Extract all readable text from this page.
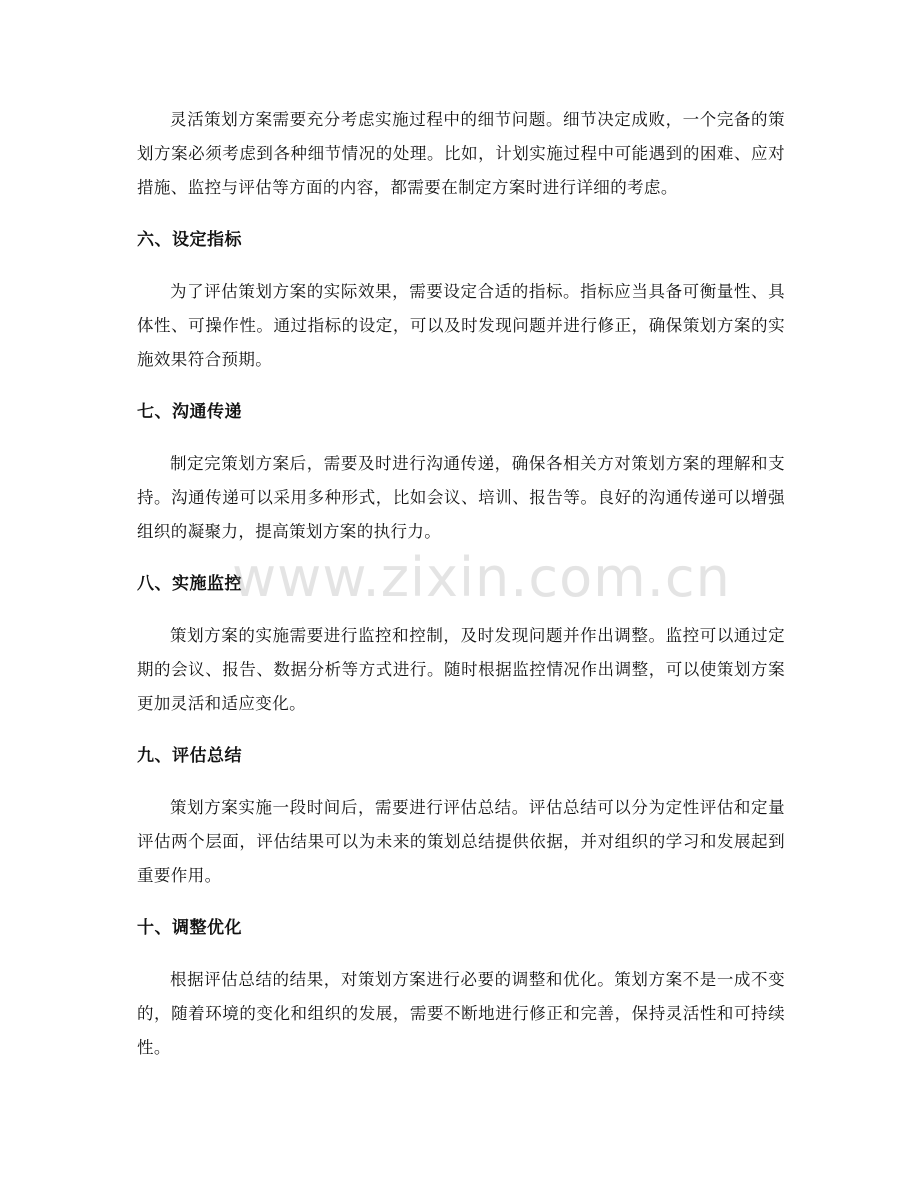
灵活策划方案需要充分考虑实施过程中的细节问题。细节决定成败，一个完备的策划方案必须考虑到各种细节情况的处理。比如，计划实施过程中可能遇到的困难、应对措施、监控与评估等方面的内容，都需要在制定方案时进行详细的考虑。

六、设定指标

为了评估策划方案的实际效果，需要设定合适的指标。指标应当具备可衡量性、具体性、可操作性。通过指标的设定，可以及时发现问题并进行修正，确保策划方案的实施效果符合预期。

七、沟通传递

制定完策划方案后，需要及时进行沟通传递，确保各相关方对策划方案的理解和支持。沟通传递可以采用多种形式，比如会议、培训、报告等。良好的沟通传递可以增强组织的凝聚力，提高策划方案的执行力。

八、实施监控

策划方案的实施需要进行监控和控制，及时发现问题并作出调整。监控可以通过定期的会议、报告、数据分析等方式进行。随时根据监控情况作出调整，可以使策划方案更加灵活和适应变化。

九、评估总结

策划方案实施一段时间后，需要进行评估总结。评估总结可以分为定性评估和定量评估两个层面，评估结果可以为未来的策划总结提供依据，并对组织的学习和发展起到重要作用。

十、调整优化

根据评估总结的结果，对策划方案进行必要的调整和优化。策划方案不是一成不变的，随着环境的变化和组织的发展，需要不断地进行修正和完善，保持灵活性和可持续性。

www.zixin.com.cn
